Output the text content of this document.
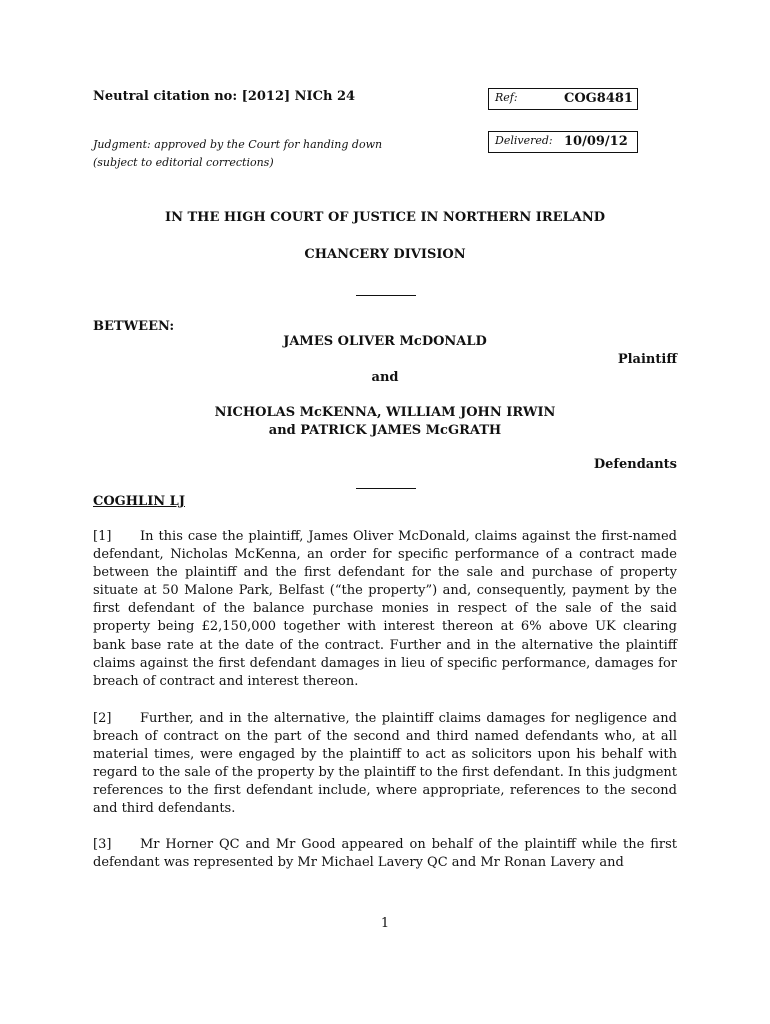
Neutral citation no: [2012] NICh 24	Ref:	COG8481
Judgment: approved by the Court for handing down
(subject to editorial corrections)
Delivered: 10/09/12
IN THE HIGH COURT OF JUSTICE IN NORTHERN IRELAND
CHANCERY DIVISION
BETWEEN:
JAMES OLIVER McDONALD
Plaintiff
and
NICHOLAS McKENNA, WILLIAM JOHN IRWIN
and PATRICK JAMES McGRATH
Defendants
COGHLIN LJ

[1] In this case the plaintiff, James Oliver McDonald, claims against the first-named defendant, Nicholas McKenna, an order for specific performance of a contract made between the plaintiff and the first defendant for the sale and purchase of property situate at 50 Malone Park, Belfast (“the property”) and, consequently, payment by the first defendant of the balance purchase monies in respect of the sale of the said property being £2,150,000 together with interest thereon at 6% above UK clearing bank base rate at the date of the contract. Further and in the alternative the plaintiff claims against the first defendant damages in lieu of specific performance, damages for breach of contract and interest thereon.

[2] Further, and in the alternative, the plaintiff claims damages for negligence and breach of contract on the part of the second and third named defendants who, at all material times, were engaged by the plaintiff to act as solicitors upon his behalf with regard to the sale of the property by the plaintiff to the first defendant. In this judgment references to the first defendant include, where appropriate, references to the second and third defendants.

[3] Mr Horner QC and Mr Good appeared on behalf of the plaintiff while the first defendant was represented by Mr Michael Lavery QC and Mr Ronan Lavery and

1
